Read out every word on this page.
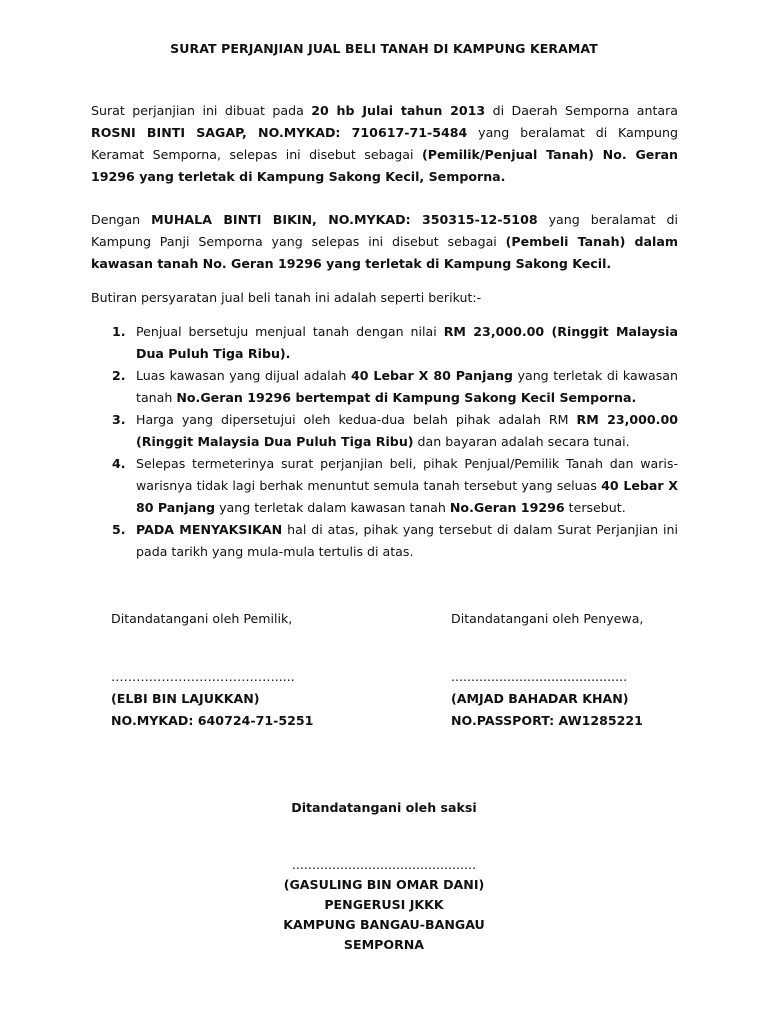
SURAT PERJANJIAN JUAL BELI TANAH DI KAMPUNG KERAMAT

Surat perjanjian ini dibuat pada 20 hb Julai tahun 2013 di Daerah Semporna antara ROSNI BINTI SAGAP, NO.MYKAD: 710617-71-5484 yang beralamat di Kampung Keramat Semporna, selepas ini disebut sebagai (Pemilik/Penjual Tanah) No. Geran 19296 yang terletak di Kampung Sakong Kecil, Semporna.

Dengan MUHALA BINTI BIKIN, NO.MYKAD: 350315-12-5108 yang beralamat di Kampung Panji Semporna yang selepas ini disebut sebagai (Pembeli Tanah) dalam kawasan tanah No. Geran 19296 yang terletak di Kampung Sakong Kecil.

Butiran persyaratan jual beli tanah ini adalah seperti berikut:-

1. Penjual bersetuju menjual tanah dengan nilai RM 23,000.00 (Ringgit Malaysia Dua Puluh Tiga Ribu).
2. Luas kawasan yang dijual adalah 40 Lebar X 80 Panjang yang terletak di kawasan tanah No.Geran 19296 bertempat di Kampung Sakong Kecil Semporna.
3. Harga yang dipersetujui oleh kedua-dua belah pihak adalah RM RM 23,000.00 (Ringgit Malaysia Dua Puluh Tiga Ribu) dan bayaran adalah secara tunai.
4. Selepas termeterinya surat perjanjian beli, pihak Penjual/Pemilik Tanah dan waris-warisnya tidak lagi berhak menuntut semula tanah tersebut yang seluas 40 Lebar X 80 Panjang yang terletak dalam kawasan tanah No.Geran 19296 tersebut.
5. PADA MENYAKSIKAN hal di atas, pihak yang tersebut di dalam Surat Perjanjian ini pada tarikh yang mula-mula tertulis di atas.
Ditandatangani oleh Pemilik,	Ditandatangani oleh Penyewa,
………………………………….....
(ELBI BIN LAJUKKAN)
NO.MYKAD: 640724-71-5251
............................................
(AMJAD BAHADAR KHAN)
NO.PASSPORT: AW1285221
Ditandatangani oleh saksi
..............................................
(GASULING BIN OMAR DANI)
PENGERUSI JKKK
KAMPUNG BANGAU-BANGAU
SEMPORNA
